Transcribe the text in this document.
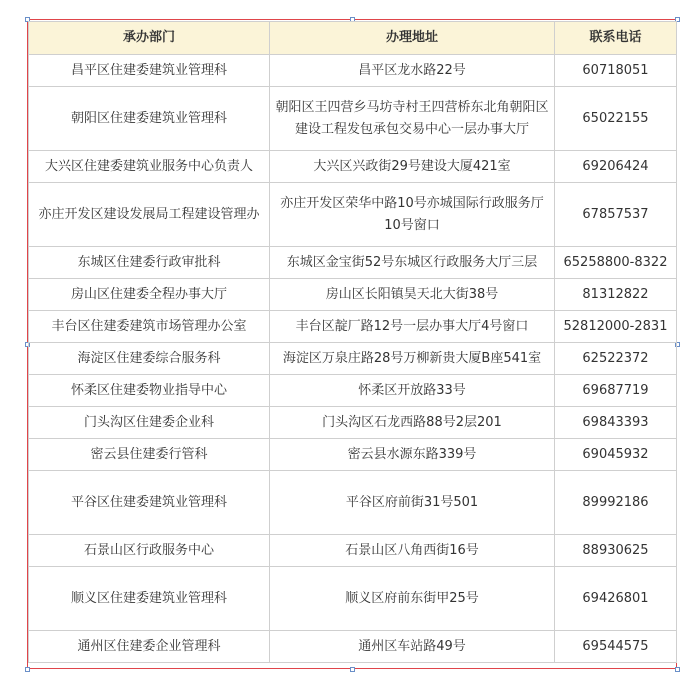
承办部门	办理地址	联系电话
昌平区住建委建筑业管理科	昌平区龙水路22号	60718051
朝阳区住建委建筑业管理科	朝阳区王四营乡马坊寺村王四营桥东北角朝阳区建设工程发包承包交易中心一层办事大厅	65022155
大兴区住建委建筑业服务中心负责人	大兴区兴政街29号建设大厦421室	69206424
亦庄开发区建设发展局工程建设管理办	亦庄开发区荣华中路10号亦城国际行政服务厅10号窗口	67857537
东城区住建委行政审批科	东城区金宝街52号东城区行政服务大厅三层	65258800-8322
房山区住建委全程办事大厅	房山区长阳镇昊天北大街38号	81312822
丰台区住建委建筑市场管理办公室	丰台区靛厂路12号一层办事大厅4号窗口	52812000-2831
海淀区住建委综合服务科	海淀区万泉庄路28号万柳新贵大厦B座541室	62522372
怀柔区住建委物业指导中心	怀柔区开放路33号	69687719
门头沟区住建委企业科	门头沟区石龙西路88号2层201	69843393
密云县住建委行管科	密云县水源东路339号	69045932
平谷区住建委建筑业管理科	平谷区府前街31号501	89992186
石景山区行政服务中心	石景山区八角西街16号	88930625
顺义区住建委建筑业管理科	顺义区府前东街甲25号	69426801
通州区住建委企业管理科	通州区车站路49号	69544575
